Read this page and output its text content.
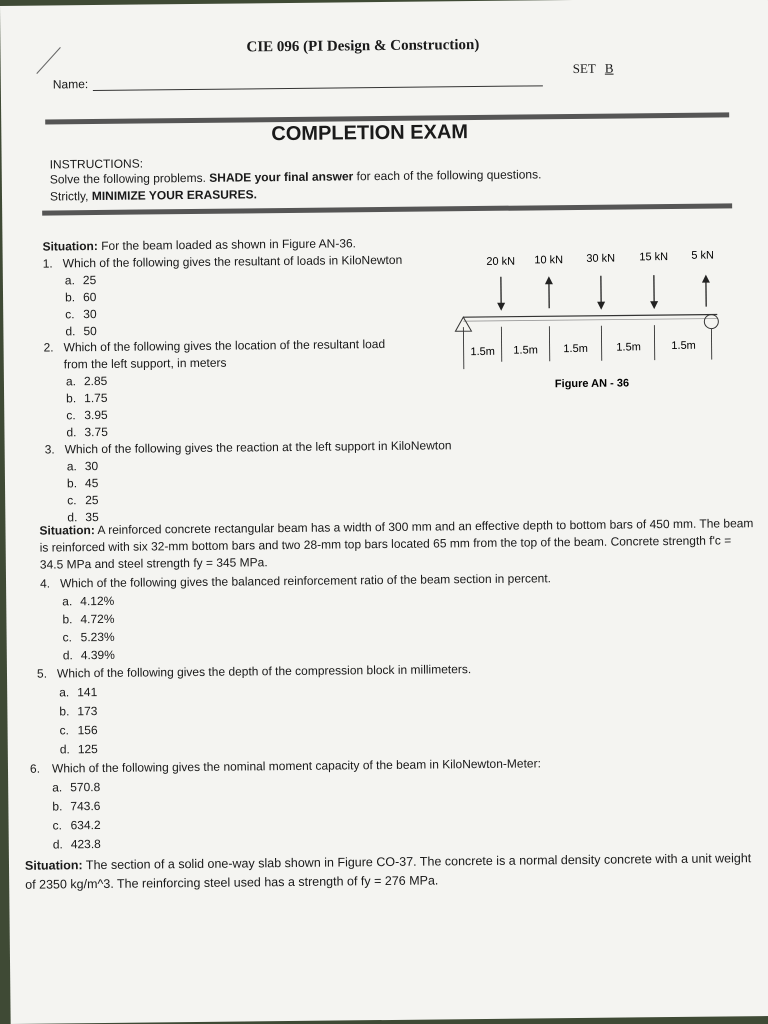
CIE 096 (PI Design & Construction)
Name:
SET B
COMPLETION EXAM
INSTRUCTIONS:
Solve the following problems. SHADE your final answer for each of the following questions.
Strictly, MINIMIZE YOUR ERASURES.
Situation: For the beam loaded as shown in Figure AN-36.
1. Which of the following gives the resultant of loads in KiloNewton
a. 25
b. 60
c. 30
d. 50
2. Which of the following gives the location of the resultant load
from the left support, in meters
a. 2.85
b. 1.75
c. 3.95
d. 3.75
3. Which of the following gives the reaction at the left support in KiloNewton
a. 30
b. 45
c. 25
d. 35
20 kN 10 kN 30 kN 15 kN 5 kN
1.5m 1.5m 1.5m	1.5m	1.5m
Figure AN - 36
Situation: A reinforced concrete rectangular beam has a width of 300 mm and an effective depth to bottom bars of 450 mm. The beam is reinforced with six 32-mm bottom bars and two 28-mm top bars located 65 mm from the top of the beam. Concrete strength f'c = 34.5 MPa and steel strength fy = 345 MPa.
4. Which of the following gives the balanced reinforcement ratio of the beam section in percent.
a. 4.12%
b. 4.72%
c. 5.23%
d. 4.39%
5. Which of the following gives the depth of the compression block in millimeters.
a. 141
b. 173
c. 156
d. 125
6. Which of the following gives the nominal moment capacity of the beam in KiloNewton-Meter:
a. 570.8
b. 743.6
c. 634.2
d. 423.8
Situation: The section of a solid one-way slab shown in Figure CO-37. The concrete is a normal density concrete with a unit weight of 2350 kg/m^3. The reinforcing steel used has a strength of fy = 276 MPa.
